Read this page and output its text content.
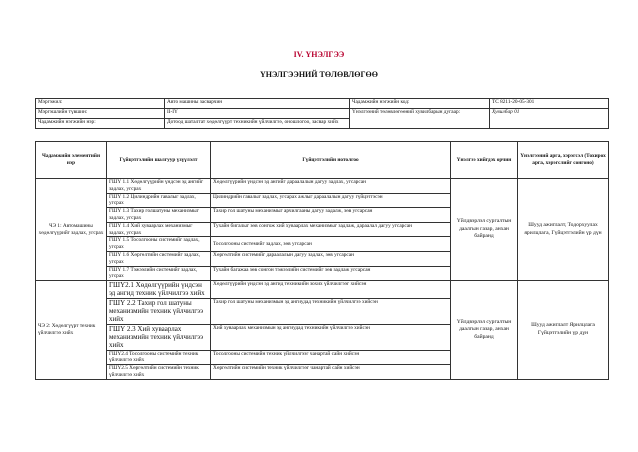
IV. ҮНЭЛГЭЭ
ҮНЭЛГЭЭНИЙ ТӨЛӨВЛӨГӨӨ
Мэргэжил:	Авто машины засварчин	Чадамжийн нэгжийн код:	TC 8211-20-05-301
Мэргэшлийн түвшин:	II-IY	Үнэлгээний төлөвлөгөөний хувилбарын дугаар:	Хувилбар 01
Чадамжийн нэгжийн нэр:	Дотоод шаталтат хөдөлгүүрт техникийн үйлчилгээ, оношлогоо, засвар хийх		
Чадамжийн элементийн нэр	Гүйцэтгэлийн шалгуур үзүүлэлт	Гүйцэтгэлийн нотолгоо	Үнэлгээ хийгдэх орчин	Үнэлгээний арга, хэрэгсэл (Тохирох арга, хэрэгслийг сонгоно)
ЧЭ 1: Автомашины хөдөлгүүрийг задлах, угсрах	ГШҮ 1.1 Хөдөлгүүрийн үндсэн эд ангийг задлах, угсрах	Хөдөлгүүрийн үндсэн эд ангийг дараалалын дагуу задлах, угсарсан	Үйлдвэрлэл сургалтын даалгын газар, анхан байранд	Шууд ажиглалт, Тодорхуулах ярилцлага, Гүйцэтгэлийн үр дүн
	ГШҮ 1.2 Цилиндрийн гавалыг задлах, угсрах	Цилиндрийн гавалыг задлах, угсарах ажлыг дараалалын дагуу гүйцэтгэсэн		
	ГШҮ 1.3 Тахир голшатуны механизмыг задлах, угсрах	Тахир гол шатуны механизмыг арчилгааны дагуу задалж, зөв угсарсан		
	ГШҮ 1.4 Хий хуваарлах механизмыг задлах, угсрах	Тухайн бигалыг зөв сонгож хий хуваарлах механизмыг задлаж, дараалал дагуу угсарсан		
	ГШҮ 1.5 Тосолгооны системийг задлах, угсрах	Тосолгооны системийг задлах, зөв угсарсан		
	ГШҮ 1.6 Хөргөлтийн системийг задлах, угсрах	Хөргөлтийн системийг дараалалын дагуу задлах, зөв угсарсан		
	ГШҮ 1.7 Тэжээлийн системийг задлах, угсрах	Тухайн багажаа зөв сонгон тэжээлийн системийг зөв задлаж угсарсан		
ЧЭ 2: Хөдөлгүүрт техник үйлчилгээ хийх	ГШҮ2.1 Хөдөлгүүрийн үндсэн эд ангид техник үйлчилгээ хийх	Хөдөлгүүрийн үндсэн эд ангид техникийн зохих үйлчилгээг хийсэн	Үйлдвэрлэл сургалтын даалгын газар, анхан байранд	Шууд ажиглалт Ярилцлага Гүйцэтгэлийн үр дүн
	ГШҮ 2.2 Тахир гол шатуны механизмийн техник үйлчилгээ хийх	Тахир гол шатуны механизмын эд ангиудад техникийн үйлчилгээ хийсэн		
	ГШҮ 2.3 Хий хуваарлах механизмийн техник үйлчилгээ хийх	Хий хуваарлах механизмын эд ангиудад техникийн үйлчилгээ хийсэн		
	ГШҮ2.4 Тосолгооны системийн техник үйлчилгээ хийх	Тосолгооны системийн техник үйлчилгээг чанартай сайн хийсэн		
	ГШҮ2.5 Хөргөлтийн системийн техник үйлчилгээ хийх	Хөргөлтийн системийн техник үйлчилгээг чанартай сайн хийсэн		
